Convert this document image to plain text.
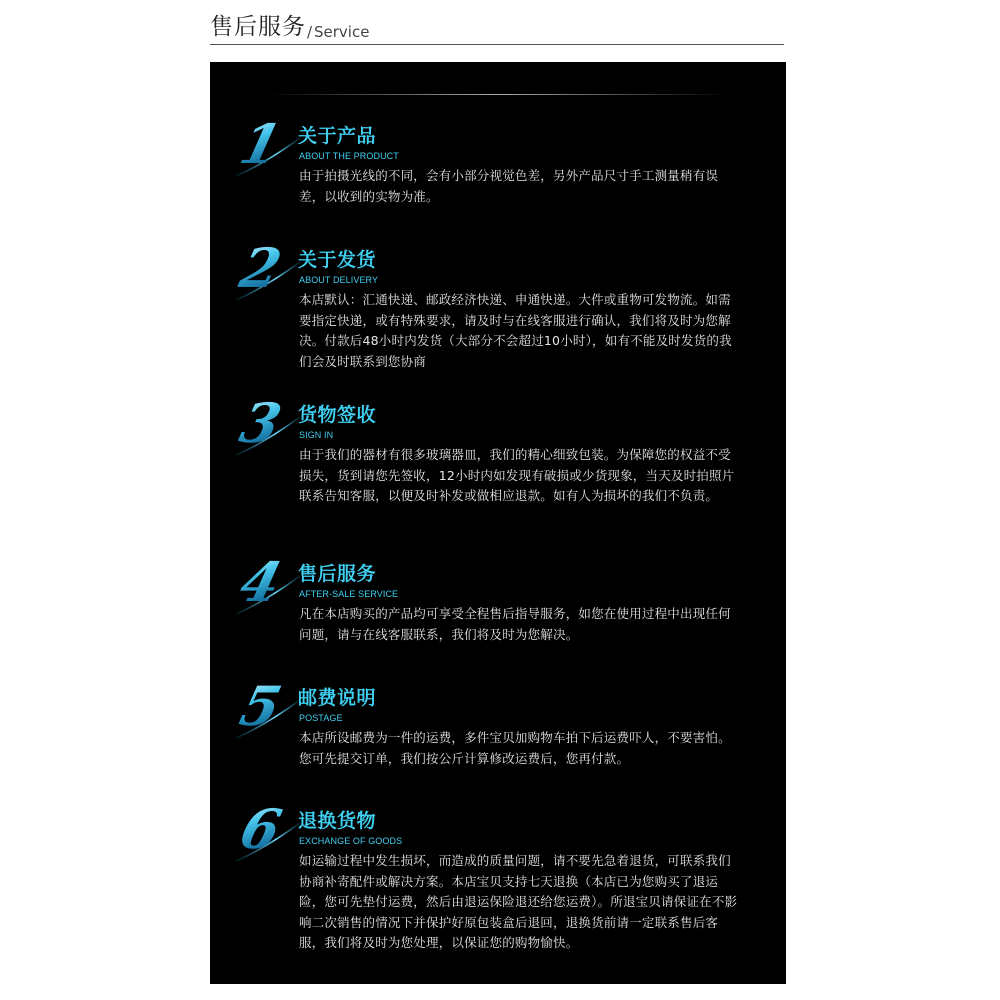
售后服务 / Service
1 关于产品
ABOUT THE PRODUCT
由于拍摄光线的不同，会有小部分视觉色差，另外产品尺寸手工测量稍有误差，以收到的实物为准。
2 关于发货
ABOUT DELIVERY
本店默认：汇通快递、邮政经济快递、申通快递。大件或重物可发物流。如需要指定快递，或有特殊要求，请及时与在线客服进行确认，我们将及时为您解决。付款后48小时内发货（大部分不会超过10小时），如有不能及时发货的我们会及时联系到您协商
3 货物签收
SIGN IN
由于我们的器材有很多玻璃器皿，我们的精心细致包装。为保障您的权益不受损失，货到请您先签收，12小时内如发现有破损或少货现象，当天及时拍照片联系告知客服，以便及时补发或做相应退款。如有人为损坏的我们不负责。
4 售后服务
AFTER-SALE SERVICE
凡在本店购买的产品均可享受全程售后指导服务，如您在使用过程中出现任何问题，请与在线客服联系，我们将及时为您解决。
5 邮费说明
POSTAGE
本店所设邮费为一件的运费，多件宝贝加购物车拍下后运费吓人，不要害怕。您可先提交订单，我们按公斤计算修改运费后，您再付款。
6 退换货物
EXCHANGE OF GOODS
如运输过程中发生损坏，而造成的质量问题，请不要先急着退货，可联系我们协商补寄配件或解决方案。本店宝贝支持七天退换（本店已为您购买了退运险，您可先垫付运费，然后由退运保险退还给您运费）。所退宝贝请保证在不影响二次销售的情况下并保护好原包装盒后退回，退换货前请一定联系售后客服，我们将及时为您处理，以保证您的购物愉快。
